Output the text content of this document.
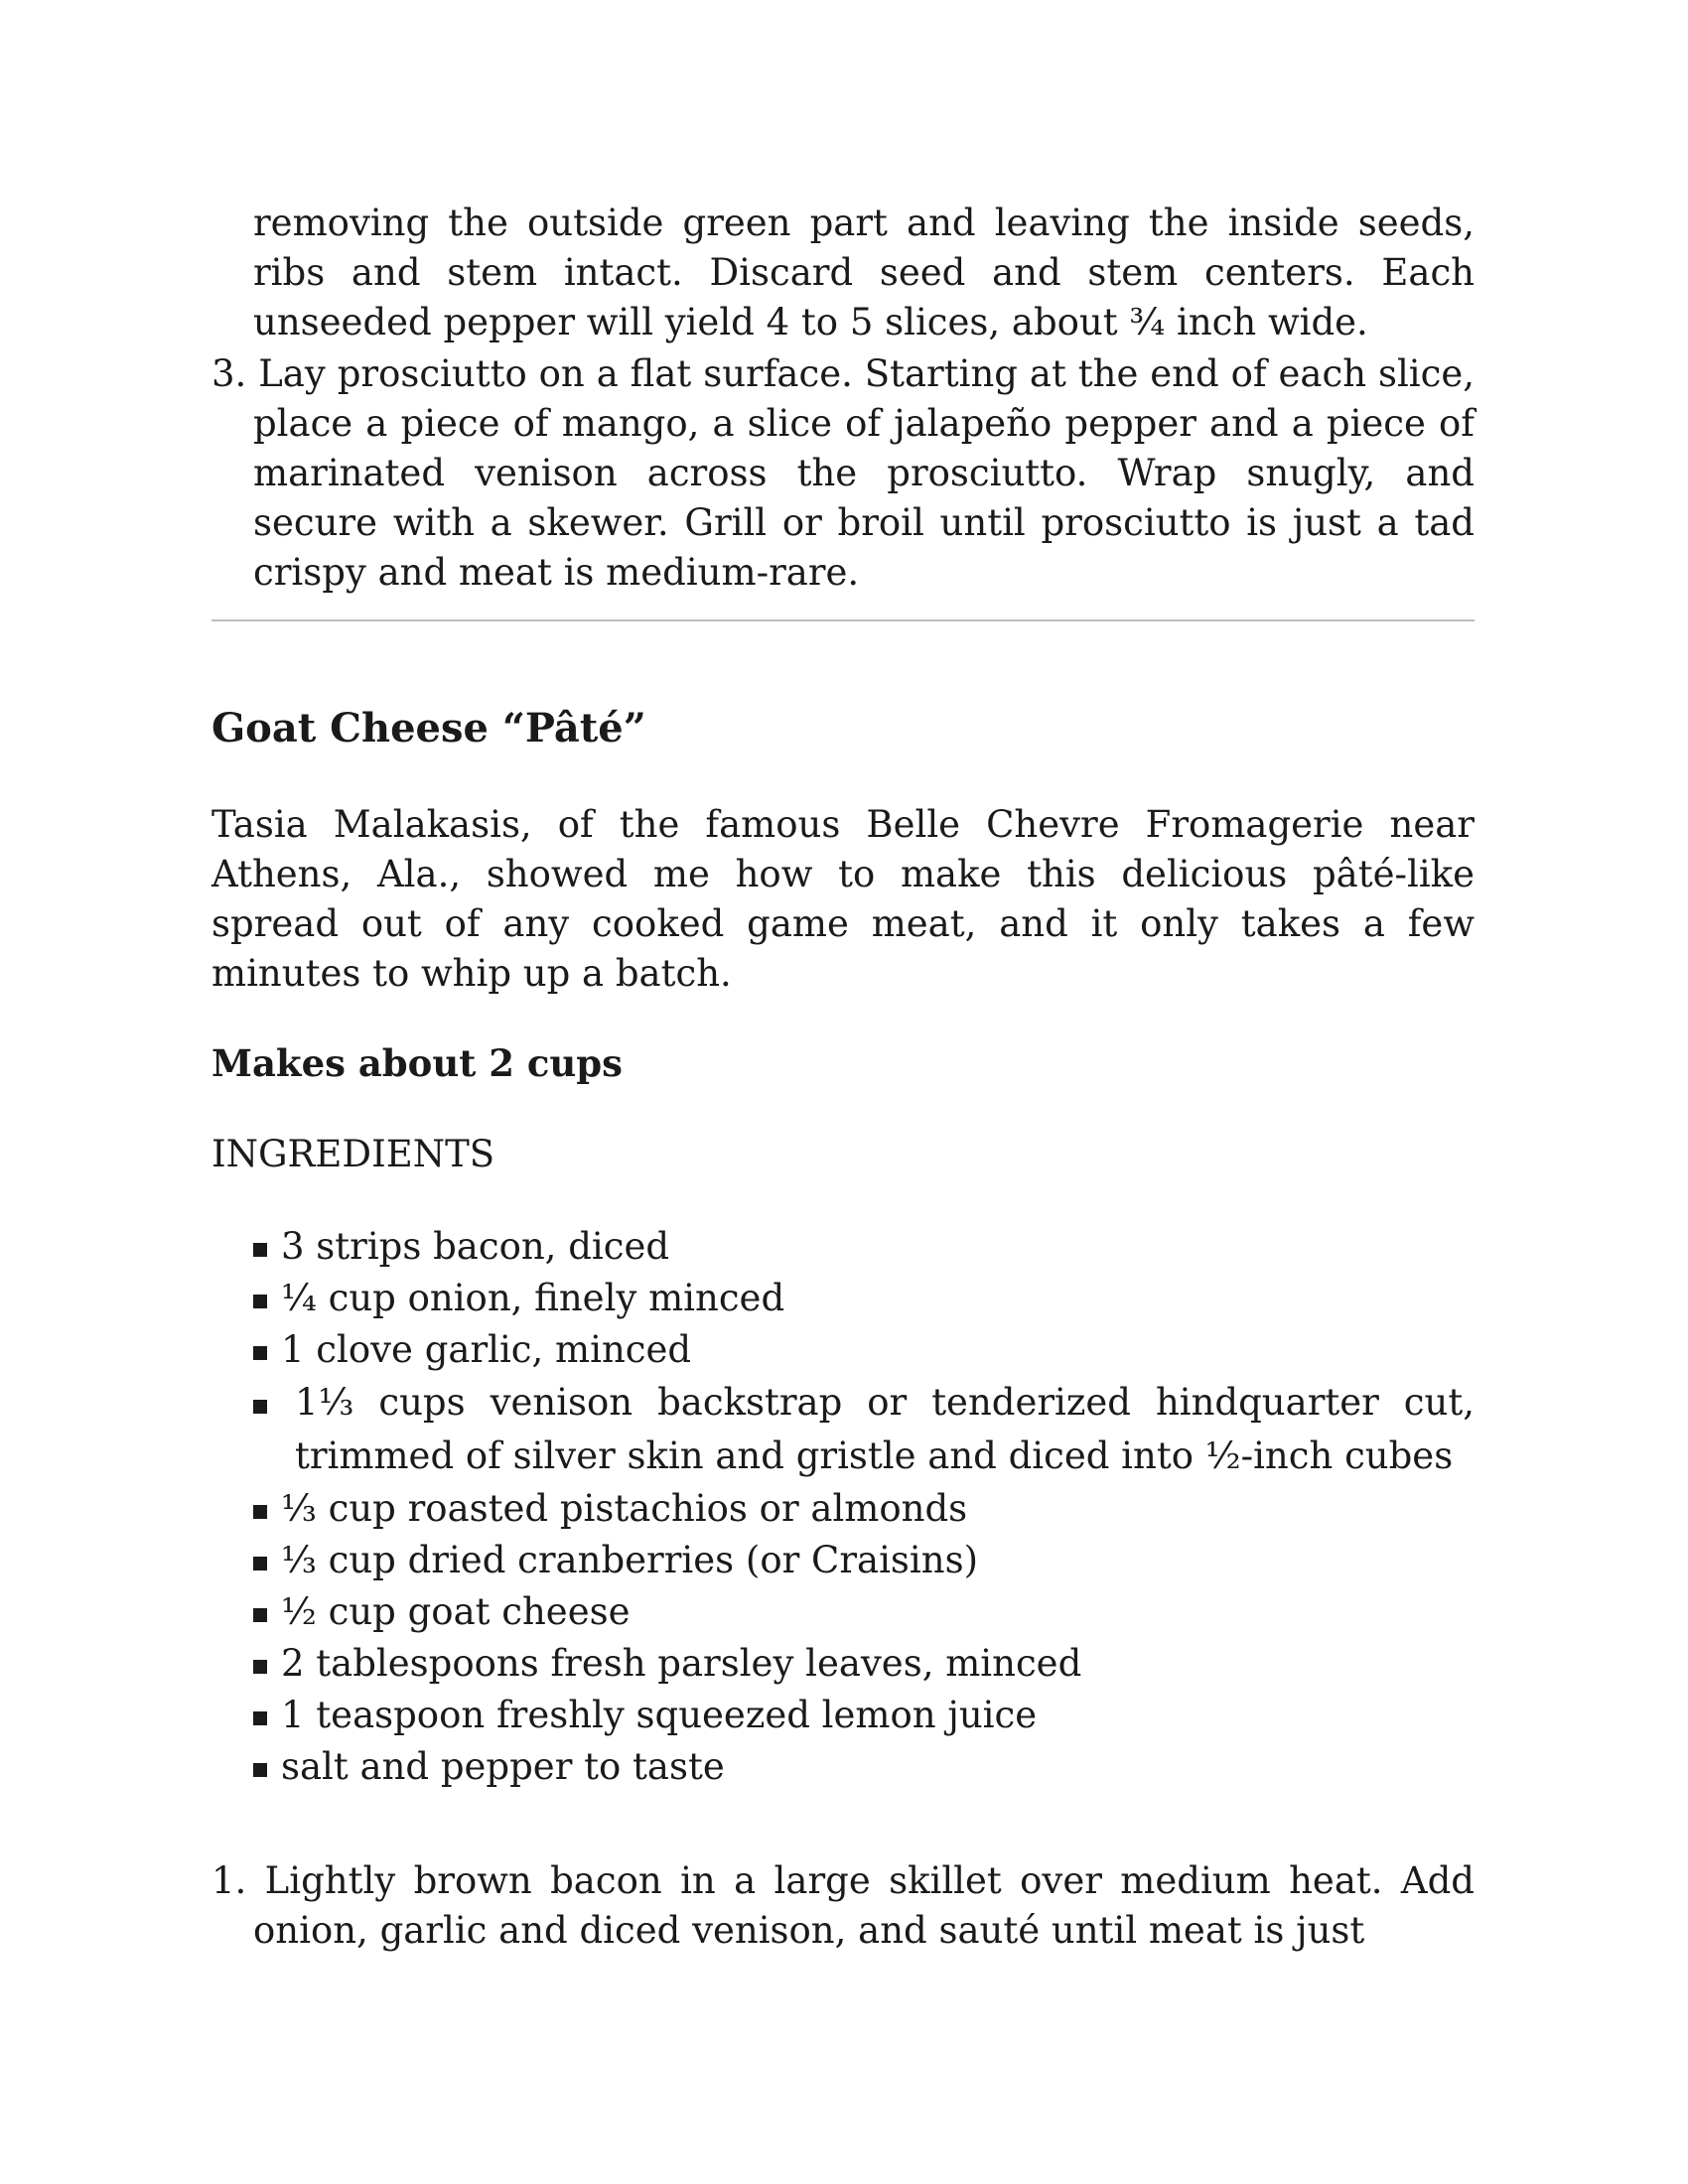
removing the outside green part and leaving the inside seeds, ribs and stem intact. Discard seed and stem centers. Each unseeded pepper will yield 4 to 5 slices, about ³⁄₄ inch wide.

3. Lay prosciutto on a flat surface. Starting at the end of each slice, place a piece of mango, a slice of jalapeño pepper and a piece of marinated venison across the prosciutto. Wrap snugly, and secure with a skewer. Grill or broil until prosciutto is just a tad crispy and meat is medium-rare.

Goat Cheese “Pâté”

Tasia Malakasis, of the famous Belle Chevre Fromagerie near Athens, Ala., showed me how to make this delicious pâté-like spread out of any cooked game meat, and it only takes a few minutes to whip up a batch.

Makes about 2 cups

INGREDIENTS

3 strips bacon, diced
¹⁄₄ cup onion, finely minced
1 clove garlic, minced
1¹⁄₃ cups venison backstrap or tenderized hindquarter cut, trimmed of silver skin and gristle and diced into ¹⁄₂-inch cubes
¹⁄₃ cup roasted pistachios or almonds
¹⁄₃ cup dried cranberries (or Craisins)
¹⁄₂ cup goat cheese
2 tablespoons fresh parsley leaves, minced
1 teaspoon freshly squeezed lemon juice
salt and pepper to taste

1. Lightly brown bacon in a large skillet over medium heat. Add onion, garlic and diced venison, and sauté until meat is just
